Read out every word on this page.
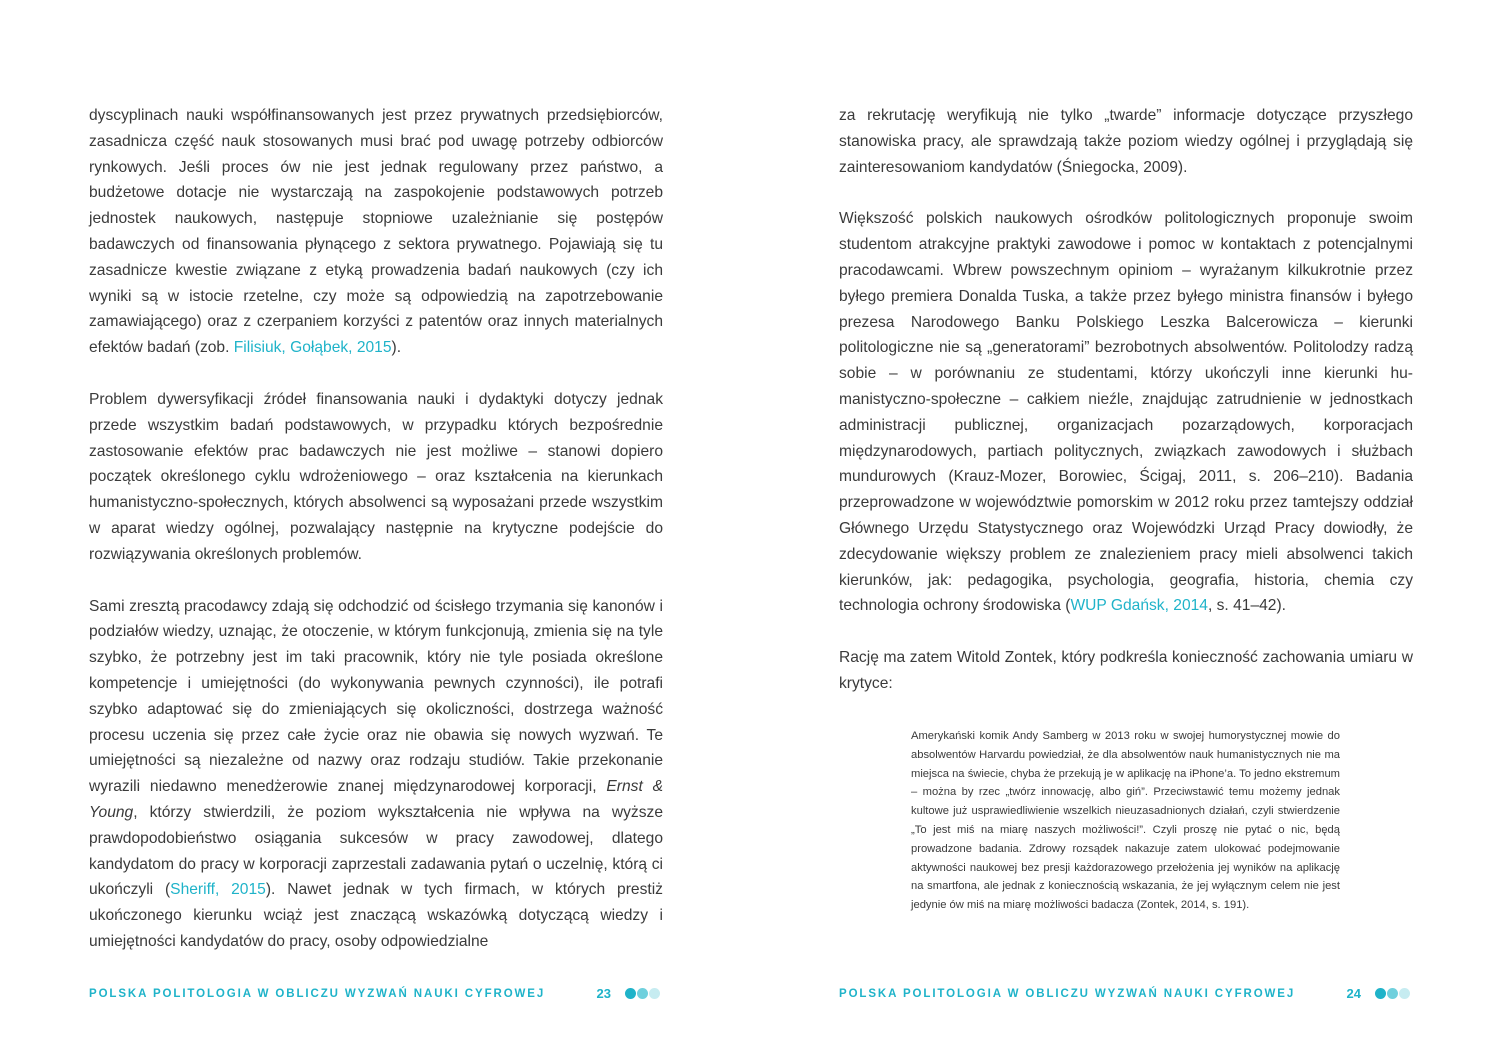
dyscyplinach nauki współfinansowanych jest przez prywatnych przedsiębiorców, zasadnicza część nauk stosowanych musi brać pod uwagę potrzeby odbiorców rynkowych. Jeśli proces ów nie jest jednak regulowany przez państwo, a budżetowe dotacje nie wystarczają na zaspokojenie podstawowych potrzeb jednostek naukowych, następuje stopniowe uzależnianie się postępów badawczych od finansowania płynącego z sektora prywatnego. Pojawiają się tu zasadnicze kwestie związane z etyką prowadzenia badań naukowych (czy ich wyniki są w istocie rzetelne, czy może są odpowiedzią na zapotrzebowanie zamawiającego) oraz z czerpaniem korzyści z patentów oraz innych materialnych efektów badań (zob. Filisiuk, Gołąbek, 2015).

Problem dywersyfikacji źródeł finansowania nauki i dydaktyki dotyczy jednak przede wszystkim badań podstawowych, w przypadku których bezpośrednie zastosowanie efektów prac badawczych nie jest możliwe – stanowi dopiero początek określonego cyklu wdrożeniowego – oraz kształcenia na kierunkach humanistyczno-społecznych, których absolwenci są wyposażani przede wszystkim w aparat wiedzy ogólnej, pozwalający następnie na krytyczne podejście do rozwiązywania określonych problemów.

Sami zresztą pracodawcy zdają się odchodzić od ścisłego trzymania się kanonów i podziałów wiedzy, uznając, że otoczenie, w którym funkcjonują, zmienia się na tyle szybko, że potrzebny jest im taki pracownik, który nie tyle posiada określone kompetencje i umiejętności (do wykonywania pewnych czynności), ile potrafi szybko adaptować się do zmieniających się okoliczności, dostrzega ważność procesu uczenia się przez całe życie oraz nie obawia się nowych wyzwań. Te umiejętności są niezależne od nazwy oraz rodzaju studiów. Takie przekonanie wyrazili niedawno menedżerowie znanej międzynarodowej korporacji, Ernst & Young, którzy stwierdzili, że poziom wykształcenia nie wpływa na wyższe prawdopodobieństwo osiągania sukcesów w pracy zawodowej, dlatego kandydatom do pracy w korporacji zaprzestali zadawania pytań o uczelnię, którą ci ukończyli (Sheriff, 2015). Nawet jednak w tych firmach, w których prestiż ukończonego kierunku wciąż jest znaczącą wskazówką dotyczącą wiedzy i umiejętności kandydatów do pracy, osoby odpowiedzialne

POLSKA POLITOLOGIA W OBLICZU WYZWAŃ NAUKI CYFROWEJ	23

za rekrutację weryfikują nie tylko „twarde” informacje dotyczące przyszłego stanowiska pracy, ale sprawdzają także poziom wiedzy ogólnej i przyglądają się zainteresowaniom kandydatów (Śniegocka, 2009).

Większość polskich naukowych ośrodków politologicznych proponuje swoim studentom atrakcyjne praktyki zawodowe i pomoc w kontaktach z potencjalnymi pracodawcami. Wbrew powszechnym opiniom – wyrażanym kilkukrotnie przez byłego premiera Donalda Tuska, a także przez byłego ministra finansów i byłego prezesa Narodowego Banku Polskiego Leszka Balcerowicza – kierunki politologiczne nie są „generatorami” bezrobotnych absolwentów. Politolodzy radzą sobie – w porównaniu ze studentami, którzy ukończyli inne kierunki humanistyczno-społeczne – całkiem nieźle, znajdując zatrudnienie w jednostkach administracji publicznej, organizacjach pozarządowych, korporacjach międzynarodowych, partiach politycznych, związkach zawodowych i służbach mundurowych (Krauz-Mozer, Borowiec, Ścigaj, 2011, s. 206–210). Badania przeprowadzone w województwie pomorskim w 2012 roku przez tamtejszy oddział Głównego Urzędu Statystycznego oraz Wojewódzki Urząd Pracy dowiodły, że zdecydowanie większy problem ze znalezieniem pracy mieli absolwenci takich kierunków, jak: pedagogika, psychologia, geografia, historia, chemia czy technologia ochrony środowiska (WUP Gdańsk, 2014, s. 41–42).

Rację ma zatem Witold Zontek, który podkreśla konieczność zachowania umiaru w krytyce:

Amerykański komik Andy Samberg w 2013 roku w swojej humorystycznej mowie do absolwentów Harvardu powiedział, że dla absolwentów nauk humanistycznych nie ma miejsca na świecie, chyba że przekują je w aplikację na iPhone’a. To jedno ekstremum – można by rzec „twórz innowację, albo giń”. Przeciwstawić temu możemy jednak kultowe już usprawiedliwienie wszelkich nieuzasadnionych działań, czyli stwierdzenie „To jest miś na miarę naszych możliwości!”. Czyli proszę nie pytać o nic, będą prowadzone badania. Zdrowy rozsądek nakazuje zatem ulokować podejmowanie aktywności naukowej bez presji każdorazowego przełożenia jej wyników na aplikację na smartfona, ale jednak z koniecznością wskazania, że jej wyłącznym celem nie jest jedynie ów miś na miarę możliwości badacza (Zontek, 2014, s. 191).
POLSKA POLITOLOGIA W OBLICZU WYZWAŃ NAUKI CYFROWEJ	24
